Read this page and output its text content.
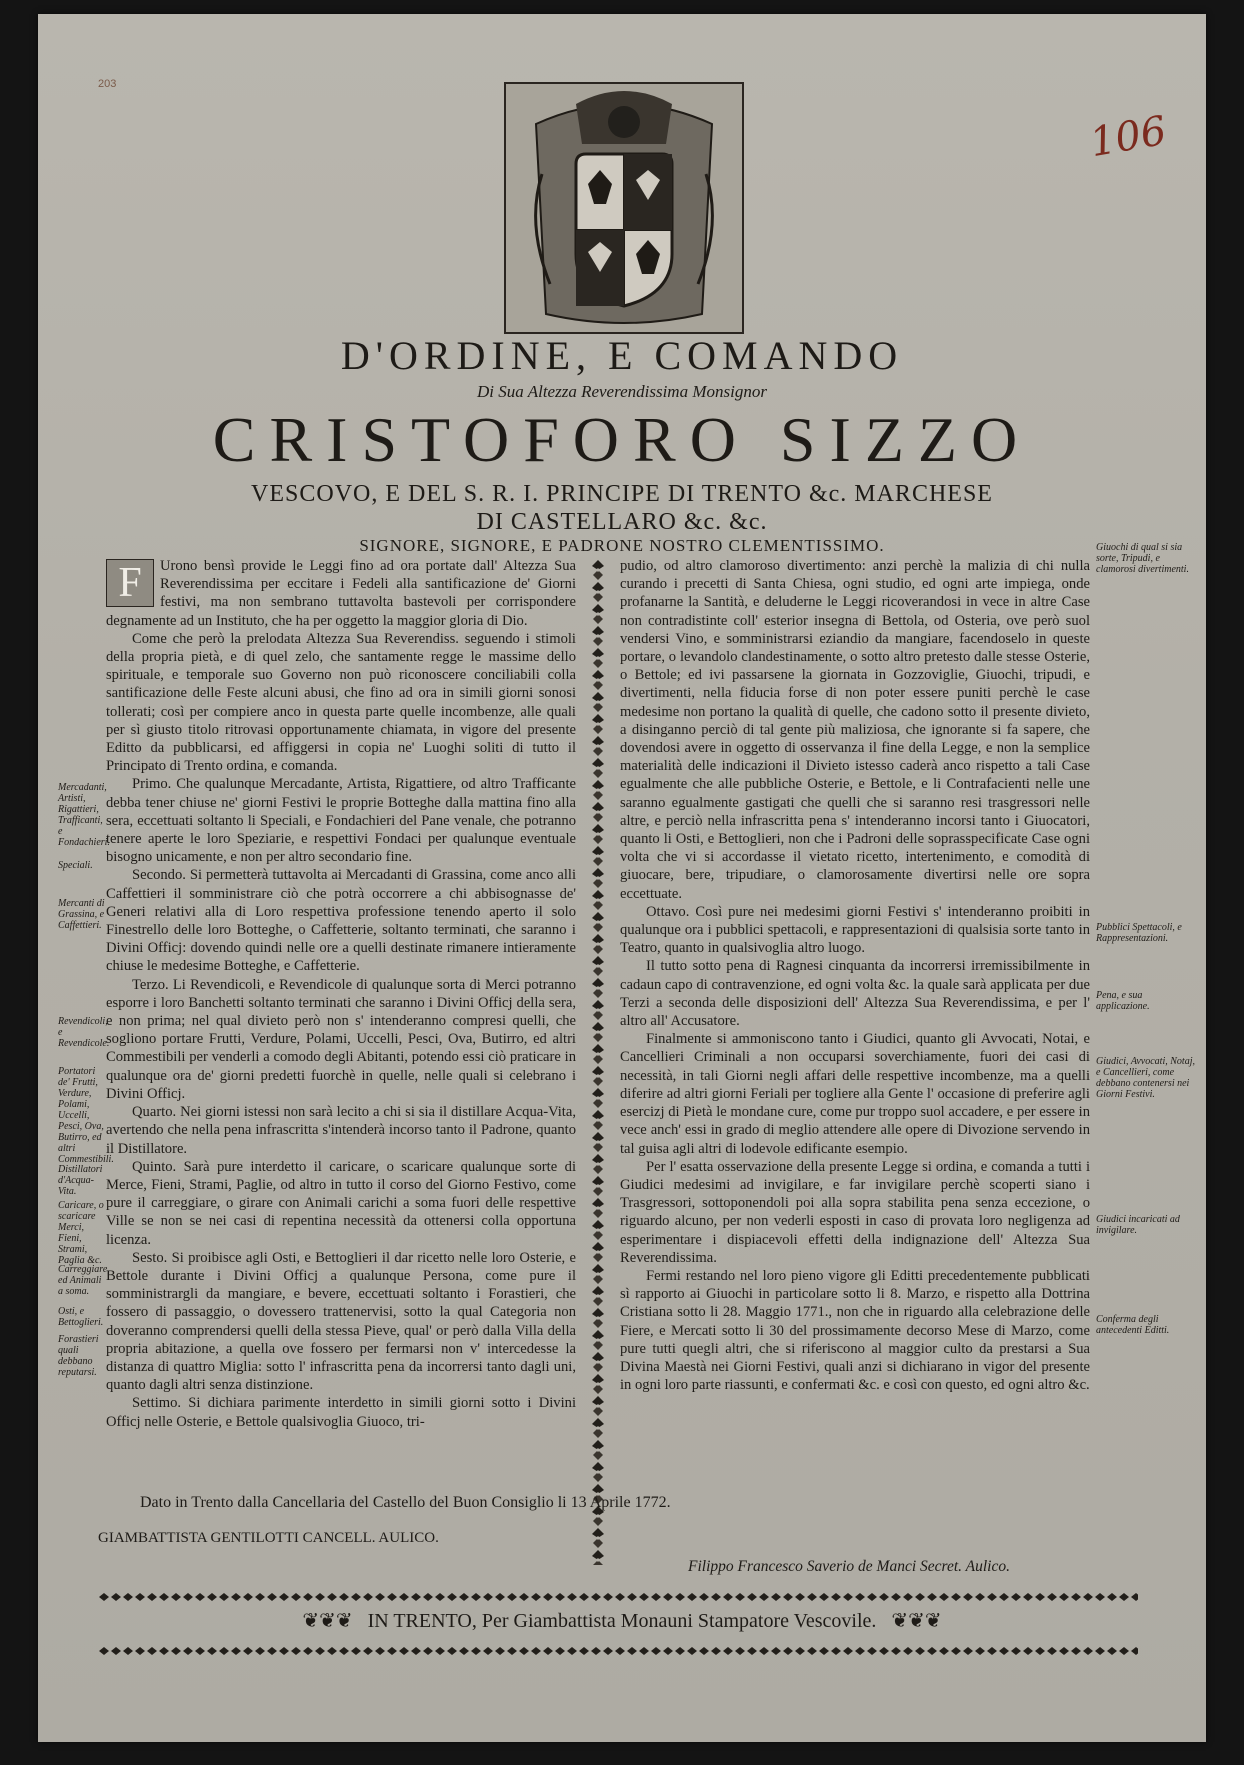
203
106
D'ORDINE, E COMANDO
Di Sua Altezza Reverendissima Monsignor
CRISTOFORO SIZZO
VESCOVO, E DEL S. R. I. PRINCIPE DI TRENTO &c. MARCHESE
DI CASTELLARO &c. &c.
SIGNORE, SIGNORE, E PADRONE NOSTRO CLEMENTISSIMO.
F	Urono bensì provide le Leggi fino ad ora portate dall' Altezza Sua Reverendissima per eccitare i Fedeli alla santificazione de' Giorni festivi, ma non sembrano tuttavolta bastevoli per corrispondere degnamente ad un Instituto, che ha per oggetto la maggior gloria di Dio.

Come che però la prelodata Altezza Sua Reverendiss. seguendo i stimoli della propria pietà, e di quel zelo, che santamente regge le massime dello spirituale, e temporale suo Governo non può riconoscere conciliabili colla santificazione delle Feste alcuni abusi, che fino ad ora in simili giorni sonosi tollerati; così per compiere anco in questa parte quelle incombenze, alle quali per sì giusto titolo ritrovasi opportunamente chiamata, in vigore del presente Editto da pubblicarsi, ed affiggersi in copia ne' Luoghi soliti di tutto il Principato di Trento ordina, e comanda.

Primo. Che qualunque Mercadante, Artista, Rigattiere, od altro Trafficante debba tener chiuse ne' giorni Festivi le proprie Botteghe dalla mattina fino alla sera, eccettuati soltanto li Speciali, e Fondachieri del Pane venale, che potranno tenere aperte le loro Speziarie, e respettivi Fondaci per qualunque eventuale bisogno unicamente, e non per altro secondario fine.

Secondo. Si permetterà tuttavolta ai Mercadanti di Grassina, come anco alli Caffettieri il somministrare ciò che potrà occorrere a chi abbisognasse de' Generi relativi alla di Loro respettiva professione tenendo aperto il solo Finestrello delle loro Botteghe, o Caffetterie, soltanto terminati, che saranno i Divini Officj: dovendo quindi nelle ore a quelli destinate rimanere intieramente chiuse le medesime Botteghe, e Caffetterie.

Terzo. Li Revendicoli, e Revendicole di qualunque sorta di Merci potranno esporre i loro Banchetti soltanto terminati che saranno i Divini Officj della sera, e non prima; nel qual divieto però non s' intenderanno compresi quelli, che sogliono portare Frutti, Verdure, Polami, Uccelli, Pesci, Ova, Butirro, ed altri Commestibili per venderli a comodo degli Abitanti, potendo essi ciò praticare in qualunque ora de' giorni predetti fuorchè in quelle, nelle quali si celebrano i Divini Officj.

Quarto. Nei giorni istessi non sarà lecito a chi si sia il distillare Acqua-Vita, avertendo che nella pena infrascritta s'intenderà incorso tanto il Padrone, quanto il Distillatore.

Quinto. Sarà pure interdetto il caricare, o scaricare qualunque sorte di Merce, Fieni, Strami, Paglie, od altro in tutto il corso del Giorno Festivo, come pure il carreggiare, o girare con Animali carichi a soma fuori delle respettive Ville se non se nei casi di repentina necessità da ottenersi colla opportuna licenza.

Sesto. Si proibisce agli Osti, e Bettoglieri il dar ricetto nelle loro Osterie, e Bettole durante i Divini Officj a qualunque Persona, come pure il somministrargli da mangiare, e bevere, eccettuati soltanto i Forastieri, che fossero di passaggio, o dovessero trattenervisi, sotto la qual Categoria non doveranno comprendersi quelli della stessa Pieve, qual' or però dalla Villa della propria abitazione, a quella ove fossero per fermarsi non v' intercedesse la distanza di quattro Miglia: sotto l' infrascritta pena da incorrersi tanto dagli uni, quanto dagli altri senza distinzione.

Settimo. Si dichiara parimente interdetto in simili giorni sotto i Divini Officj nelle Osterie, e Bettole qualsivoglia Giuoco, tri-

pudio, od altro clamoroso divertimento: anzi perchè la malizia di chi nulla curando i precetti di Santa Chiesa, ogni studio, ed ogni arte impiega, onde profanarne la Santità, e deluderne le Leggi ricoverandosi in vece in altre Case non contradistinte coll' esterior insegna di Bettola, od Osteria, ove però suol vendersi Vino, e somministrarsi eziandio da mangiare, facendoselo in queste portare, o levandolo clandestinamente, o sotto altro pretesto dalle stesse Osterie, o Bettole; ed ivi passarsene la giornata in Gozzoviglie, Giuochi, tripudi, e divertimenti, nella fiducia forse di non poter essere puniti perchè le case medesime non portano la qualità di quelle, che cadono sotto il presente divieto, a disinganno perciò di tal gente più maliziosa, che ignorante si fa sapere, che dovendosi avere in oggetto di osservanza il fine della Legge, e non la semplice materialità delle indicazioni il Divieto istesso caderà anco rispetto a tali Case egualmente che alle pubbliche Osterie, e Bettole, e li Contrafacienti nelle une saranno egualmente gastigati che quelli che si saranno resi trasgressori nelle altre, e perciò nella infrascritta pena s' intenderanno incorsi tanto i Giuocatori, quanto li Osti, e Bettoglieri, non che i Padroni delle soprasspecificate Case ogni volta che vi si accordasse il vietato ricetto, intertenimento, e comodità di giuocare, bere, tripudiare, o clamorosamente divertirsi nelle ore sopra eccettuate.

Ottavo. Così pure nei medesimi giorni Festivi s' intenderanno proibiti in qualunque ora i pubblici spettacoli, e rappresentazioni di qualsisia sorte tanto in Teatro, quanto in qualsivoglia altro luogo.

Il tutto sotto pena di Ragnesi cinquanta da incorrersi irremissibilmente in cadaun capo di contravenzione, ed ogni volta &c. la quale sarà applicata per due Terzi a seconda delle disposizioni dell' Altezza Sua Reverendissima, e per l' altro all' Accusatore.

Finalmente si ammoniscono tanto i Giudici, quanto gli Avvocati, Notai, e Cancellieri Criminali a non occuparsi soverchiamente, fuori dei casi di necessità, in tali Giorni negli affari delle respettive incombenze, ma a quelli diferire ad altri giorni Feriali per togliere alla Gente l' occasione di preferire agli esercizj di Pietà le mondane cure, come pur troppo suol accadere, e per essere in vece anch' essi in grado di meglio attendere alle opere di Divozione servendo in tal guisa agli altri di lodevole edificante esempio.

Per l' esatta osservazione della presente Legge si ordina, e comanda a tutti i Giudici medesimi ad invigilare, e far invigilare perchè scoperti siano i Trasgressori, sottoponendoli poi alla sopra stabilita pena senza eccezione, o riguardo alcuno, per non vederli esposti in caso di provata loro negligenza ad esperimentare i dispiacevoli effetti della indignazione dell' Altezza Sua Reverendissima.

Fermi restando nel loro pieno vigore gli Editti precedentemente pubblicati sì rapporto ai Giuochi in particolare sotto li 8. Marzo, e rispetto alla Dottrina Cristiana sotto li 28. Maggio 1771., non che in riguardo alla celebrazione delle Fiere, e Mercati sotto li 30 del prossimamente decorso Mese di Marzo, come pure tutti quegli altri, che si riferiscono al maggior culto da prestarsi a Sua Divina Maestà nei Giorni Festivi, quali anzi si dichiarano in vigor del presente in ogni loro parte riassunti, e confermati &c. e così con questo, ed ogni altro &c.

Mercadanti, Artisti, Rigattieri, Trafficanti, e Fondachieri.
Speciali.
Mercanti di Grassina, e Caffettieri.
Revendicoli, e Revendicole.
Portatori de' Frutti, Verdure, Polami, Uccelli, Pesci, Ova, Butirro, ed altri Commestibili.
Distillatori d'Acqua-Vita.
Caricare, o scaricare Merci, Fieni, Strami, Paglia &c.
Carreggiare, ed Animali a soma.
Osti, e Bettoglieri.
Forastieri quali debbano reputarsi.
Giuochi di qual si sia sorte, Tripudi, e clamorosi divertimenti.
Pubblici Spettacoli, e Rappresentazioni.
Pena, e sua applicazione.
Giudici, Avvocati, Notaj, e Cancellieri, come debbano contenersi nei Giorni Festivi.
Giudici incaricati ad invigilare.
Conferma degli antecedenti Editti.
Dato in Trento dalla Cancellaria del Castello del Buon Consiglio li 13 Aprile 1772.
GIAMBATTISTA GENTILOTTI CANCELL. AULICO.
Filippo Francesco Saverio de Manci Secret. Aulico.
❦❦❦   IN TRENTO, Per Giambattista Monauni Stampatore Vescovile.   ❦❦❦
